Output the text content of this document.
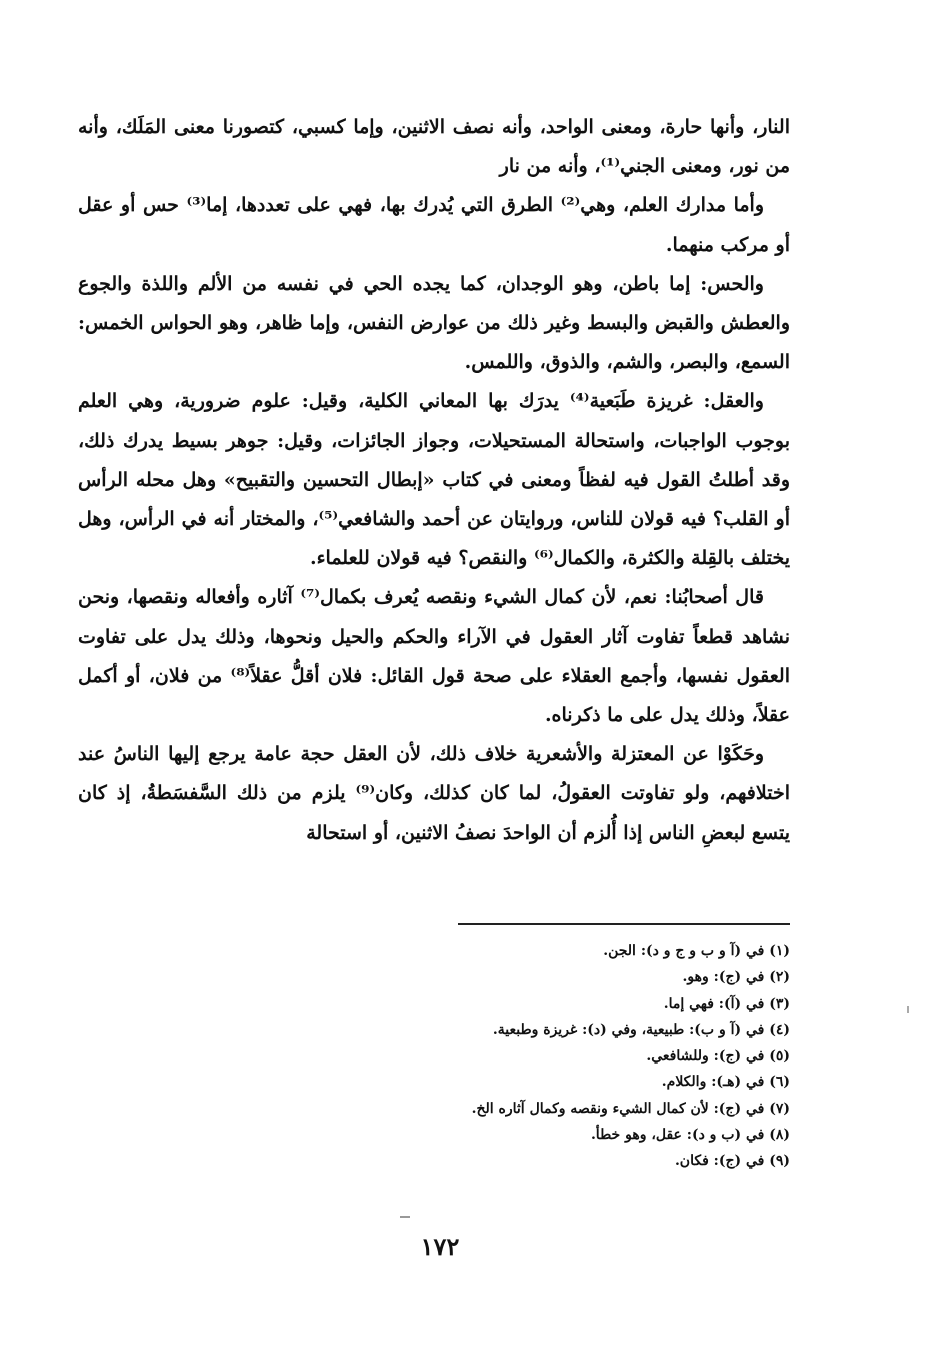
النار، وأنها حارة، ومعنى الواحد، وأنه نصف الاثنين، وإما كسبي، كتصورنا معنى المَلَك، وأنه من نور، ومعنى الجني⁽¹⁾، وأنه من نار

وأما مدارك العلم، وهي⁽²⁾ الطرق التي يُدرك بها، فهي على تعددها، إما⁽³⁾ حس أو عقل أو مركب منهما.

والحس: إما باطن، وهو الوجدان، كما يجده الحي في نفسه من الألم واللذة والجوع والعطش والقبض والبسط وغير ذلك من عوارض النفس، وإما ظاهر، وهو الحواس الخمس: السمع، والبصر، والشم، والذوق، واللمس.

والعقل: غريزة طَبَعية⁽⁴⁾ يدرَك بها المعاني الكلية، وقيل: علوم ضرورية، وهي العلم بوجوب الواجبات، واستحالة المستحيلات، وجواز الجائزات، وقيل: جوهر بسيط يدرك ذلك، وقد أطلتُ القول فيه لفظاً ومعنى في كتاب «إبطال التحسين والتقبيح» وهل محله الرأس أو القلب؟ فيه قولان للناس، وروايتان عن أحمد والشافعي⁽⁵⁾، والمختار أنه في الرأس، وهل يختلف بالقِلة والكثرة، والكمال⁽⁶⁾ والنقص؟ فيه قولان للعلماء.

قال أصحابُنا: نعم، لأن كمال الشيء ونقصه يُعرف بكمال⁽⁷⁾ آثاره وأفعاله ونقصها، ونحن نشاهد قطعاً تفاوت آثار العقول في الآراء والحكم والحيل ونحوها، وذلك يدل على تفاوت العقول نفسها، وأجمع العقلاء على صحة قول القائل: فلان أقلُّ عقلاً⁽⁸⁾ من فلان، أو أكمل عقلاً، وذلك يدل على ما ذكرناه.

وحَكَوْا عن المعتزلة والأشعرية خلاف ذلك، لأن العقل حجة عامة يرجع إليها الناسُ عند اختلافهم، ولو تفاوتت العقولُ، لما كان كذلك، وكان⁽⁹⁾ يلزم من ذلك السَّفسَطةُ، إذ كان يتسع لبعضِ الناس إذا أُلزم أن الواحدَ نصفُ الاثنين، أو استحالة

(١) في (آ و ب و ج و د): الجن.
(٢) في (ج): وهو.
(٣) في (آ): فهي إما.
(٤) في (آ و ب): طبيعية، وفي (د): غريزة وطبعية.
(٥) في (ج): وللشافعي.
(٦) في (هـ): والكلام.
(٧) في (ج): لأن كمال الشيء ونقصه وكمال آثاره الخ.
(٨) في (ب و د): عقل، وهو خطأ.
(٩) في (ج): فكان.
١٧٢
